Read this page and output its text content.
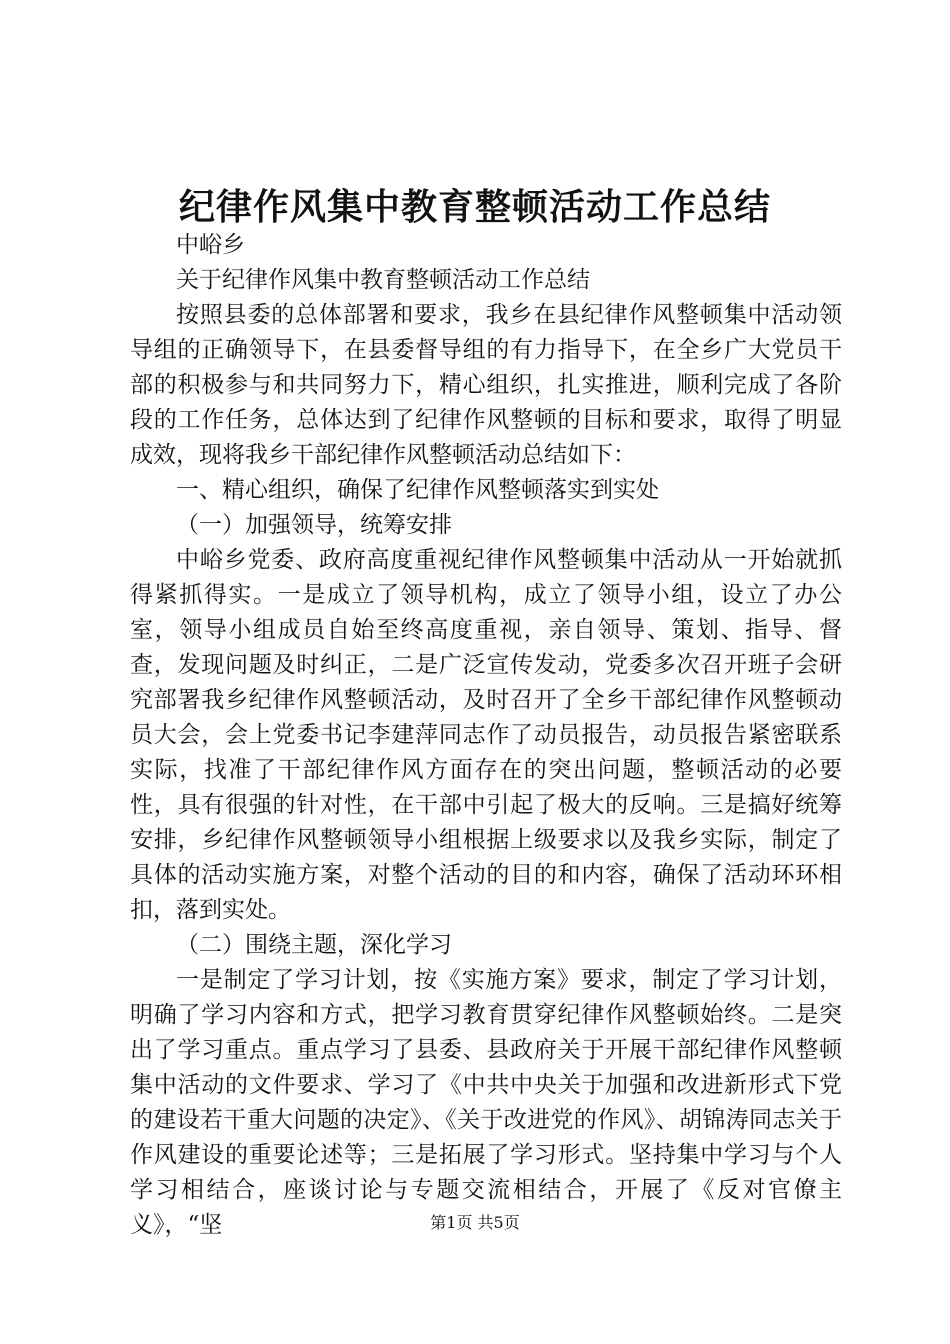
纪律作风集中教育整顿活动工作总结

中峪乡

关于纪律作风集中教育整顿活动工作总结

按照县委的总体部署和要求，我乡在县纪律作风整顿集中活动领导组的正确领导下，在县委督导组的有力指导下，在全乡广大党员干部的积极参与和共同努力下，精心组织，扎实推进，顺利完成了各阶段的工作任务，总体达到了纪律作风整顿的目标和要求，取得了明显成效，现将我乡干部纪律作风整顿活动总结如下：

一、精心组织，确保了纪律作风整顿落实到实处

（一）加强领导，统筹安排

中峪乡党委、政府高度重视纪律作风整顿集中活动从一开始就抓得紧抓得实。一是成立了领导机构，成立了领导小组，设立了办公室，领导小组成员自始至终高度重视，亲自领导、策划、指导、督查，发现问题及时纠正，二是广泛宣传发动，党委多次召开班子会研究部署我乡纪律作风整顿活动，及时召开了全乡干部纪律作风整顿动员大会，会上党委书记李建萍同志作了动员报告，动员报告紧密联系实际，找准了干部纪律作风方面存在的突出问题，整顿活动的必要性，具有很强的针对性，在干部中引起了极大的反响。三是搞好统筹安排，乡纪律作风整顿领导小组根据上级要求以及我乡实际，制定了具体的活动实施方案，对整个活动的目的和内容，确保了活动环环相扣，落到实处。

（二）围绕主题，深化学习

一是制定了学习计划，按《实施方案》要求，制定了学习计划，明确了学习内容和方式，把学习教育贯穿纪律作风整顿始终。二是突出了学习重点。重点学习了县委、县政府关于开展干部纪律作风整顿集中活动的文件要求、学习了《中共中央关于加强和改进新形式下党的建设若干重大问题的决定》、《关于改进党的作风》、胡锦涛同志关于作风建设的重要论述等；三是拓展了学习形式。坚持集中学习与个人学习相结合，座谈讨论与专题交流相结合，开展了《反对官僚主义》，“坚	第1页 共5页
